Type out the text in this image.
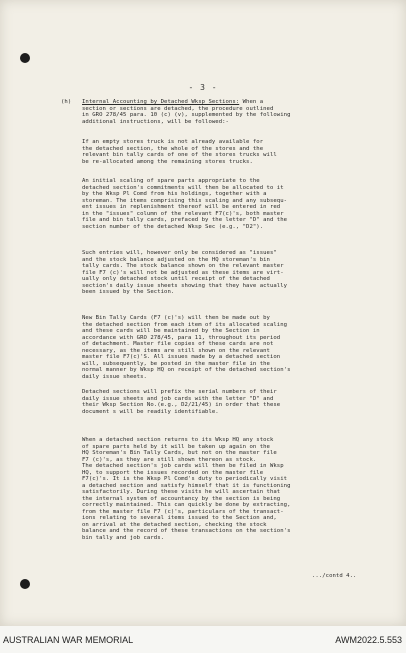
- 3 -
(h) Internal Accounting by Detached Wksp Sections: When a
section or sections are detached, the procedure outlined
in GRO 278/45 para. 10 (c) (v), supplemented by the following
additional instructions, will be followed:-
If an empty stores truck is not already available for
the detached section, the whole of the stores and the
relevant bin tally cards of one of the stores trucks will
be re-allocated among the remaining stores trucks.
An initial scaling of spare parts appropriate to the
detached section's commitments will then be allocated to it
by the Wksp Pl Comd from his holdings, together with a
storeman. The items comprising this scaling and any subsequ-
ent issues in replenishment thereof will be entered in red
in the "issues" column of the relevant F7(c)'s, both master
file and bin tally cards, prefaced by the letter "D" and the
section number of the detached Wksp Sec (e.g., "D2").
Such entries will, however only be considered as "issues"
and the stock balance adjusted on the HQ storeman's bin
tally cards. The stock balance shown on the relevant master
file F7 (c)'s will not be adjusted as these items are virt-
ually only detached stock until receipt of the detached
section's daily issue sheets showing that they have actually
been issued by the Section.
New Bin Tally Cards (F7 (c)'s) will then be made out by
the detached section from each item of its allocated scaling
and these cards will be maintained by the Section in
accordance with GRO 278/45, para 11, throughout its period
of detachment. Master file copies of these cards are not
necessary, as the items are still shown on the relevant
master file F7(c)'S. All issues made by a detached section
will, subsequently, be posted in the master file in the
normal manner by Wksp HQ on receipt of the detached section's
daily issue sheets.
Detached sections will prefix the serial numbers of their
daily issue sheets and job cards with the letter "D" and
their Wksp Section No.(e.g., D2/21/45) in order that these
document s will be readily identifiable.
When a detached section returns to its Wksp HQ any stock
of spare parts held by it will be taken up again on the
HQ Storeman's Bin Tally Cards, but not on the master file
F7 (c)'s, as they are still shown thereon as stock.
The detached section's job cards will then be filed in Wksp
HQ, to support the issues recorded on the master file
F7(c)'s. It is the Wksp Pl Comd's duty to periodically visit
a detached section and satisfy himself that it is functioning
satisfactorily. During these visits he will ascertain that
the internal system of accountancy by the section is being
correctly maintained. This can quickly be done by extracting,
from the master file F7 (c)'s, particulars of the transact-
ions relating to several items issued to the Section and,
on arrival at the detached section, checking the stock
balance and the record of these transactions on the section's
bin tally and job cards.
.../contd 4..
AUSTRALIAN WAR MEMORIAL	AWM2022.5.553
